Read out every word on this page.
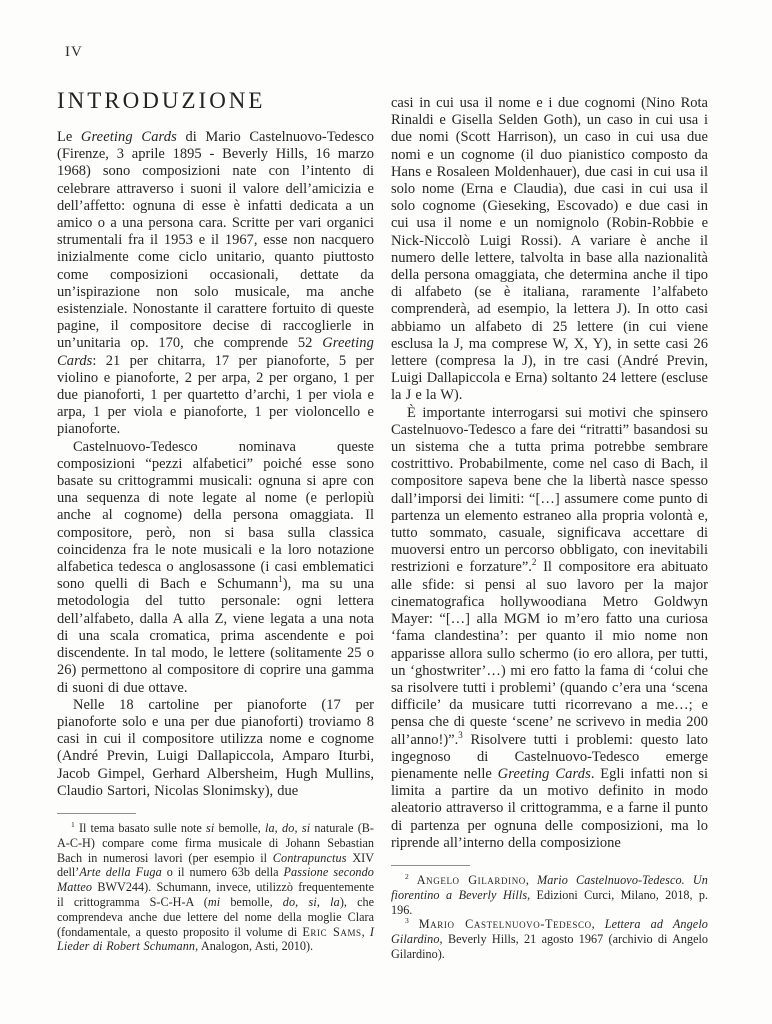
IV
INTRODUZIONE

Le Greeting Cards di Mario Castelnuovo-Tedesco (Firenze, 3 aprile 1895 - Beverly Hills, 16 marzo 1968) sono composizioni nate con l’intento di celebrare attraverso i suoni il valore dell’amicizia e dell’affetto: ognuna di esse è infatti dedicata a un amico o a una persona cara. Scritte per vari organici strumentali fra il 1953 e il 1967, esse non nacquero inizialmente come ciclo unitario, quanto piuttosto come composizioni occasionali, dettate da un’ispirazione non solo musicale, ma anche esistenziale. Nonostante il carattere fortuito di queste pagine, il compositore decise di raccoglierle in un’unitaria op. 170, che comprende 52 Greeting Cards: 21 per chitarra, 17 per pianoforte, 5 per violino e pianoforte, 2 per arpa, 2 per organo, 1 per due pianoforti, 1 per quartetto d’archi, 1 per viola e arpa, 1 per viola e pianoforte, 1 per violoncello e pianoforte.

Castelnuovo-Tedesco nominava queste composizioni “pezzi alfabetici” poiché esse sono basate su crittogrammi musicali: ognuna si apre con una sequenza di note legate al nome (e perlopiù anche al cognome) della persona omaggiata. Il compositore, però, non si basa sulla classica coincidenza fra le note musicali e la loro notazione alfabetica tedesca o anglosassone (i casi emblematici sono quelli di Bach e Schumann$^1$), ma su una metodologia del tutto personale: ogni lettera dell’alfabeto, dalla A alla Z, viene legata a una nota di una scala cromatica, prima ascendente e poi discendente. In tal modo, le lettere (solitamente 25 o 26) permettono al compositore di coprire una gamma di suoni di due ottave.

Nelle 18 cartoline per pianoforte (17 per pianoforte solo e una per due pianoforti) troviamo 8 casi in cui il compositore utilizza nome e cognome (André Previn, Luigi Dallapiccola, Amparo Iturbi, Jacob Gimpel, Gerhard Albersheim, Hugh Mullins, Claudio Sartori, Nicolas Slonimsky), due

$^1$ Il tema basato sulle note si bemolle, la, do, si naturale (B-A-C-H) compare come firma musicale di Johann Sebastian Bach in numerosi lavori (per esempio il Contrapunctus XIV dell’Arte della Fuga o il numero 63b della Passione secondo Matteo BWV244). Schumann, invece, utilizzò frequentemente il crittogramma S-C-H-A (mi bemolle, do, si, la), che comprendeva anche due lettere del nome della moglie Clara (fondamentale, a questo proposito il volume di Eric Sams, I Lieder di Robert Schumann, Analogon, Asti, 2010).

casi in cui usa il nome e i due cognomi (Nino Rota Rinaldi e Gisella Selden Goth), un caso in cui usa i due nomi (Scott Harrison), un caso in cui usa due nomi e un cognome (il duo pianistico composto da Hans e Rosaleen Moldenhauer), due casi in cui usa il solo nome (Erna e Claudia), due casi in cui usa il solo cognome (Gieseking, Escovado) e due casi in cui usa il nome e un nomignolo (Robin-Robbie e Nick-Niccolò Luigi Rossi). A variare è anche il numero delle lettere, talvolta in base alla nazionalità della persona omaggiata, che determina anche il tipo di alfabeto (se è italiana, raramente l’alfabeto comprenderà, ad esempio, la lettera J). In otto casi abbiamo un alfabeto di 25 lettere (in cui viene esclusa la J, ma comprese W, X, Y), in sette casi 26 lettere (compresa la J), in tre casi (André Previn, Luigi Dallapiccola e Erna) soltanto 24 lettere (escluse la J e la W).

È importante interrogarsi sui motivi che spinsero Castelnuovo-Tedesco a fare dei “ritratti” basandosi su un sistema che a tutta prima potrebbe sembrare costrittivo. Probabilmente, come nel caso di Bach, il compositore sapeva bene che la libertà nasce spesso dall’imporsi dei limiti: “[…] assumere come punto di partenza un elemento estraneo alla propria volontà e, tutto sommato, casuale, significava accettare di muoversi entro un percorso obbligato, con inevitabili restrizioni e forzature”.$^2$ Il compositore era abituato alle sfide: si pensi al suo lavoro per la major cinematografica hollywoodiana Metro Goldwyn Mayer: “[…] alla MGM io m’ero fatto una curiosa ‘fama clandestina’: per quanto il mio nome non apparisse allora sullo schermo (io ero allora, per tutti, un ‘ghostwriter’…) mi ero fatto la fama di ‘colui che sa risolvere tutti i problemi’ (quando c’era una ‘scena difficile’ da musicare tutti ricorrevano a me…; e pensa che di queste ‘scene’ ne scrivevo in media 200 all’anno!)”.$^3$ Risolvere tutti i problemi: questo lato ingegnoso di Castelnuovo-Tedesco emerge pienamente nelle Greeting Cards. Egli infatti non si limita a partire da un motivo definito in modo aleatorio attraverso il crittogramma, e a farne il punto di partenza per ognuna delle composizioni, ma lo riprende all’interno della composizione

$^2$ Angelo Gilardino, Mario Castelnuovo-Tedesco. Un fiorentino a Beverly Hills, Edizioni Curci, Milano, 2018, p. 196.

$^3$ Mario Castelnuovo-Tedesco, Lettera ad Angelo Gilardino, Beverly Hills, 21 agosto 1967 (archivio di Angelo Gilardino).
